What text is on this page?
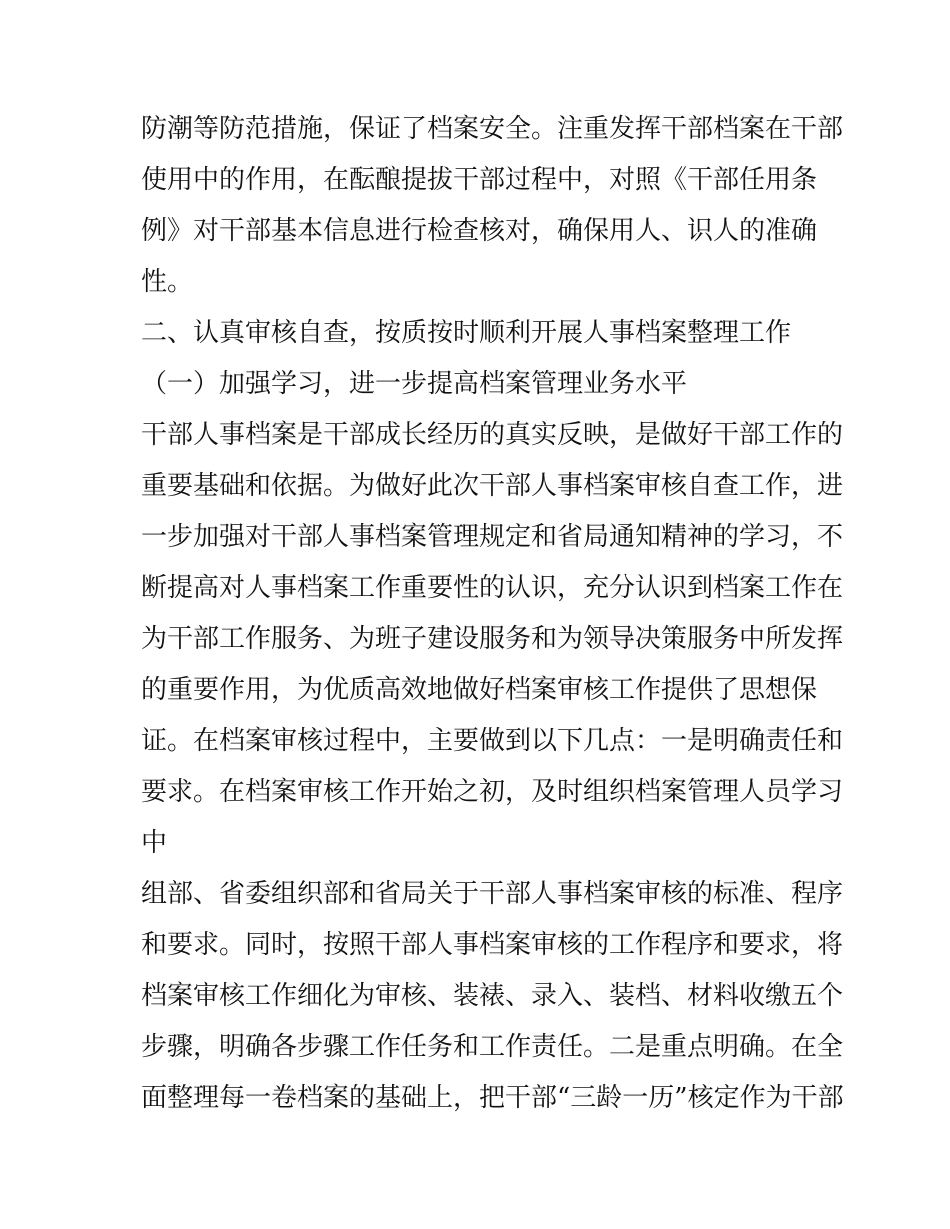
防潮等防范措施，保证了档案安全。注重发挥干部档案在干部

使用中的作用，在酝酿提拔干部过程中，对照《干部任用条

例》对干部基本信息进行检查核对，确保用人、识人的准确

性。

二、认真审核自查，按质按时顺利开展人事档案整理工作

（一）加强学习，进一步提高档案管理业务水平

干部人事档案是干部成长经历的真实反映，是做好干部工作的

重要基础和依据。为做好此次干部人事档案审核自查工作，进

一步加强对干部人事档案管理规定和省局通知精神的学习，不

断提高对人事档案工作重要性的认识，充分认识到档案工作在

为干部工作服务、为班子建设服务和为领导决策服务中所发挥

的重要作用，为优质高效地做好档案审核工作提供了思想保

证。在档案审核过程中，主要做到以下几点：一是明确责任和

要求。在档案审核工作开始之初，及时组织档案管理人员学习

中

组部、省委组织部和省局关于干部人事档案审核的标准、程序

和要求。同时，按照干部人事档案审核的工作程序和要求，将

档案审核工作细化为审核、装裱、录入、装档、材料收缴五个

步骤，明确各步骤工作任务和工作责任。二是重点明确。在全

面整理每一卷档案的基础上，把干部“三龄一历”核定作为干部
